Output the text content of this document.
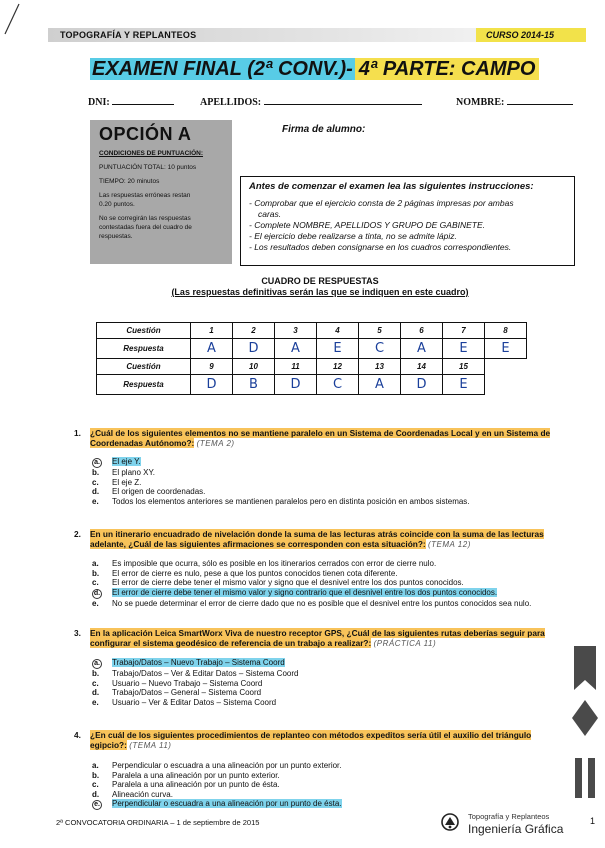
TOPOGRAFÍA Y REPLANTEOS	CURSO 2014-15
EXAMEN FINAL (2ª CONV.)- 4ª PARTE: CAMPO
DNI:	APELLIDOS:	NOMBRE:
OPCIÓN A
CONDICIONES DE PUNTUACIÓN:
PUNTUACIÓN TOTAL: 10 puntos
TIEMPO: 20 minutos
Las respuestas erróneas restan
0.20 puntos.
No se corregirán las respuestas
contestadas fuera del cuadro de
respuestas.
Firma de alumno:
Antes de comenzar el examen lea las siguientes instrucciones:
- Comprobar que el ejercicio consta de 2 páginas impresas por ambas
caras.
- Complete NOMBRE, APELLIDOS Y GRUPO DE GABINETE.
- El ejercicio debe realizarse a tinta, no se admite lápiz.
- Los resultados deben consignarse en los cuadros correspondientes.
CUADRO DE RESPUESTAS
(Las respuestas definitivas serán las que se indiquen en este cuadro)
Cuestión	1	2	3	4	5	6	7	8
Respuesta	A	D	A	E	C	A	E	E
Cuestión	9	10	11	12	13	14	15	
Respuesta	D	B	D	C	A	D	E	
1. ¿Cuál de los siguientes elementos no se mantiene paralelo en un Sistema de Coordenadas Local y en un Sistema de
Coordenadas Autónomo?: (TEMA 2)
a. El eje Y.
b. El plano XY.
c. El eje Z.
d. El origen de coordenadas.
e. Todos los elementos anteriores se mantienen paralelos pero en distinta posición en ambos sistemas.
2. En un itinerario encuadrado de nivelación donde la suma de las lecturas atrás coincide con la suma de las lecturas
adelante, ¿Cuál de las siguientes afirmaciones se corresponden con esta situación?: (TEMA 12)
a. Es imposible que ocurra, sólo es posible en los itinerarios cerrados con error de cierre nulo.
b. El error de cierre es nulo, pese a que los puntos conocidos tienen cota diferente.
c. El error de cierre debe tener el mismo valor y signo que el desnivel entre los dos puntos conocidos.
d. El error de cierre debe tener el mismo valor y signo contrario que el desnivel entre los dos puntos conocidos.
e. No se puede determinar el error de cierre dado que no es posible que el desnivel entre los puntos conocidos sea nulo.
3. En la aplicación Leica SmartWorx Viva de nuestro receptor GPS, ¿Cuál de las siguientes rutas deberías seguir para
configurar el sistema geodésico de referencia de un trabajo a realizar?: (PRÁCTICA 11)
a. Trabajo/Datos – Nuevo Trabajo – Sistema Coord
b. Trabajo/Datos – Ver & Editar Datos – Sistema Coord
c. Usuario – Nuevo Trabajo – Sistema Coord
d. Trabajo/Datos – General – Sistema Coord
e. Usuario – Ver & Editar Datos – Sistema Coord
4. ¿En cuál de los siguientes procedimientos de replanteo con métodos expeditos sería útil el auxilio del triángulo
egipcio?: (TEMA 11)
a. Perpendicular o escuadra a una alineación por un punto exterior.
b. Paralela a una alineación por un punto exterior.
c. Paralela a una alineación por un punto de ésta.
d. Alineación curva.
e. Perpendicular o escuadra a una alineación por un punto de ésta.
2ª CONVOCATORIA ORDINARIA – 1 de septiembre de 2015
Topografía y Replanteos
Ingeniería Gráfica
1
